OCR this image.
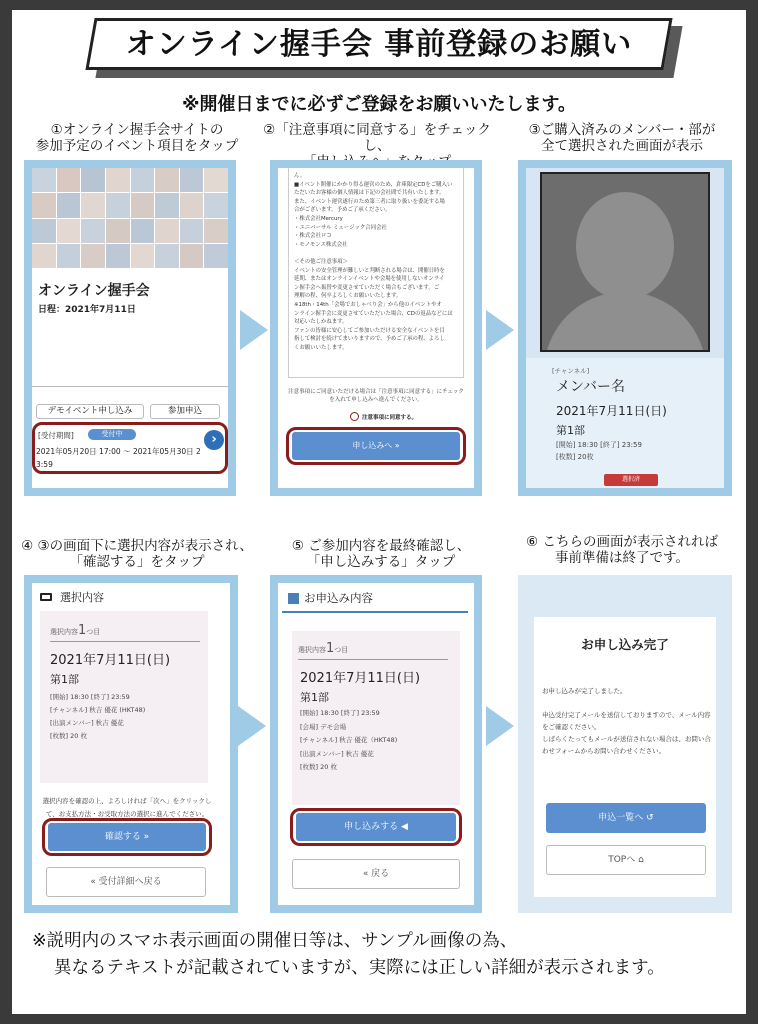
オンライン握手会 事前登録のお願い
※開催日までに必ずご登録をお願いいたします。
①オンライン握手会サイトの
参加予定のイベント項目をタップ
②「注意事項に同意する」をチェックし、

③ご購入済みのメンバー・部が
全て選択された画面が表示
オンライン握手会
日程：2021年7月11日
デモイベント申し込み	参加申込
[受付期間]	受付中
2021年05月20日 17:00 〜 2021年05月30日 2
3:59
›
ん。
■イベント開催にかかり得る運営のため、倉庫限定CDをご購入い
ただいたお客様の個人情報は下記の会社間で共有いたします。
また、イベント運営遂行のため第三者に取り扱いを委託する場
合がございます。予めご了承ください。
・株式会社Mercury
・ユニバーサル ミュージック合同会社
・株式会社ロコ
・モノモンス株式会社
＜その他ご注意事項＞
イベントの安全管理が難しいと判断される場合は、開催日時を
延期、またはオンラインイベントや会場を使用しないオンライ
ン握手会へ振替や変更させていただく場合もございます。ご
理解の程、何卒よろしくお願いいたします。
※18th・14th「会場でおしゃべり会」から他のイベントやオ
ンライン握手会に変更させていただいた場合、CDの返品などには
対応いたしかねます。
ファンの皆様に安心してご参加いただける安全なイベントを目
指して検討を続けてまいりますので、予めご了承の程、よろし
くお願いいたします。
注意事項にご同意いただける場合は「注意事項に同意する」にチェックを入れて申し込みへ進んでください。
注意事項に同意する。
申し込みへ »
[チャンネル]
メンバー名
2021年7月11日(日)
第1部
[開始] 18:30 [終了] 23:59
[枚数] 20枚
選択済
④ ③の画面下に選択内容が表示され、
「確認する」をタップ
⑤ ご参加内容を最終確認し、
「申し込みする」タップ
⑥ こちらの画面が表示されれば
事前準備は終了です。
選択内容
選択内容1つ目
2021年7月11日(日)
第1部
[開始] 18:30 [終了] 23:59
[チャンネル] 秋吉 優花 (HKT48)
[出演メンバー] 秋吉 優花
[枚数] 20 枚
選択内容を確認の上、よろしければ「次へ」をクリックして、お支払方法・お受取方法の選択に進んでください。
確認する »
« 受付詳細へ戻る
お申込み内容
選択内容1つ目
2021年7月11日(日)
第1部
[開始] 18:30 [終了] 23:59
[会場] デモ会場
[チャンネル] 秋吉 優花（HKT48)
[出演メンバー] 秋吉 優花
[枚数] 20 枚
申し込みする ◀
« 戻る
お申し込み完了
お申し込みが完了しました。
申込受付完了メールを送信しておりますので、メール内容をご確認ください。
しばらくたってもメールが送信されない場合は、お問い合わせフォームからお問い合わせください。
申込一覧へ ↺
TOPへ ⌂
※説明内のスマホ表示画面の開催日等は、サンプル画像の為、
異なるテキストが記載されていますが、実際には正しい詳細が表示されます。
